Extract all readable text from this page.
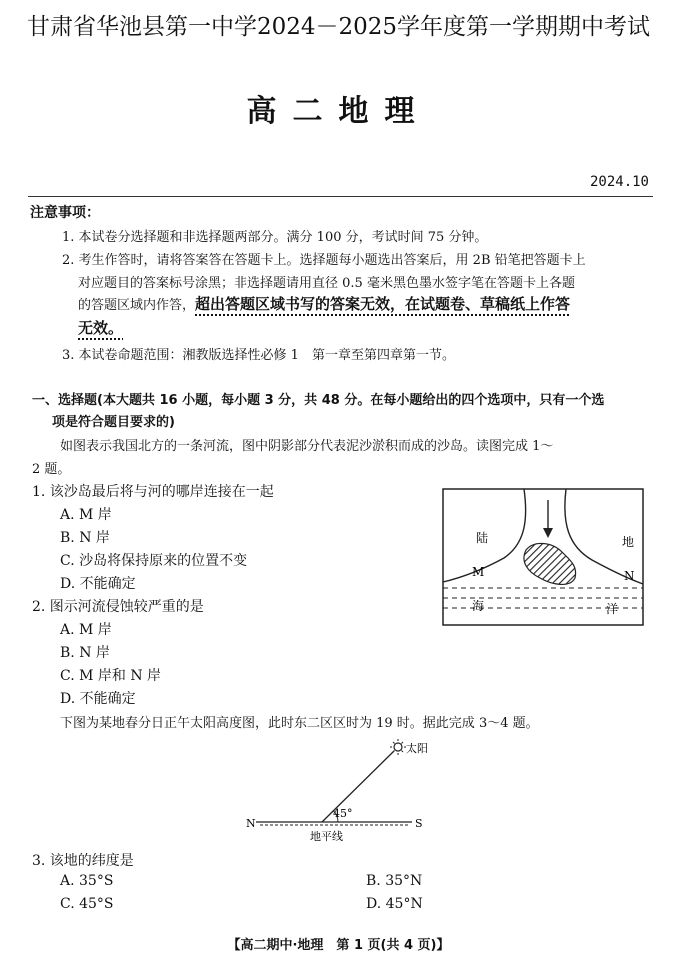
甘肃省华池县第一中学2024－2025学年度第一学期期中考试
高二地理
2024.10
注意事项：
1. 本试卷分选择题和非选择题两部分。满分 100 分，考试时间 75 分钟。
2. 考生作答时，请将答案答在答题卡上。选择题每小题选出答案后，用 2B 铅笔把答题卡上
对应题目的答案标号涂黑；非选择题请用直径 0.5 毫米黑色墨水签字笔在答题卡上各题
的答题区域内作答，超出答题区域书写的答案无效，在试题卷、草稿纸上作答
无效。
3. 本试卷命题范围：湘教版选择性必修 1　第一章至第四章第一节。
一、选择题(本大题共 16 小题，每小题 3 分，共 48 分。在每小题给出的四个选项中，只有一个选
项是符合题目要求的)
如图表示我国北方的一条河流，图中阴影部分代表泥沙淤积而成的沙岛。读图完成 1～
2 题。
1. 该沙岛最后将与河的哪岸连接在一起
A. M 岸
B. N 岸
C. 沙岛将保持原来的位置不变
D. 不能确定
2. 图示河流侵蚀较严重的是
A. M 岸
B. N 岸
C. M 岸和 N 岸
D. 不能确定
下图为某地春分日正午太阳高度图，此时东二区区时为 19 时。据此完成 3～4 题。
陆	地
M	N
海	洋
太阳
45°
N	S
地平线
3. 该地的纬度是
A. 35°S	B. 35°N
C. 45°S	D. 45°N
【高二期中·地理　第 1 页(共 4 页)】
